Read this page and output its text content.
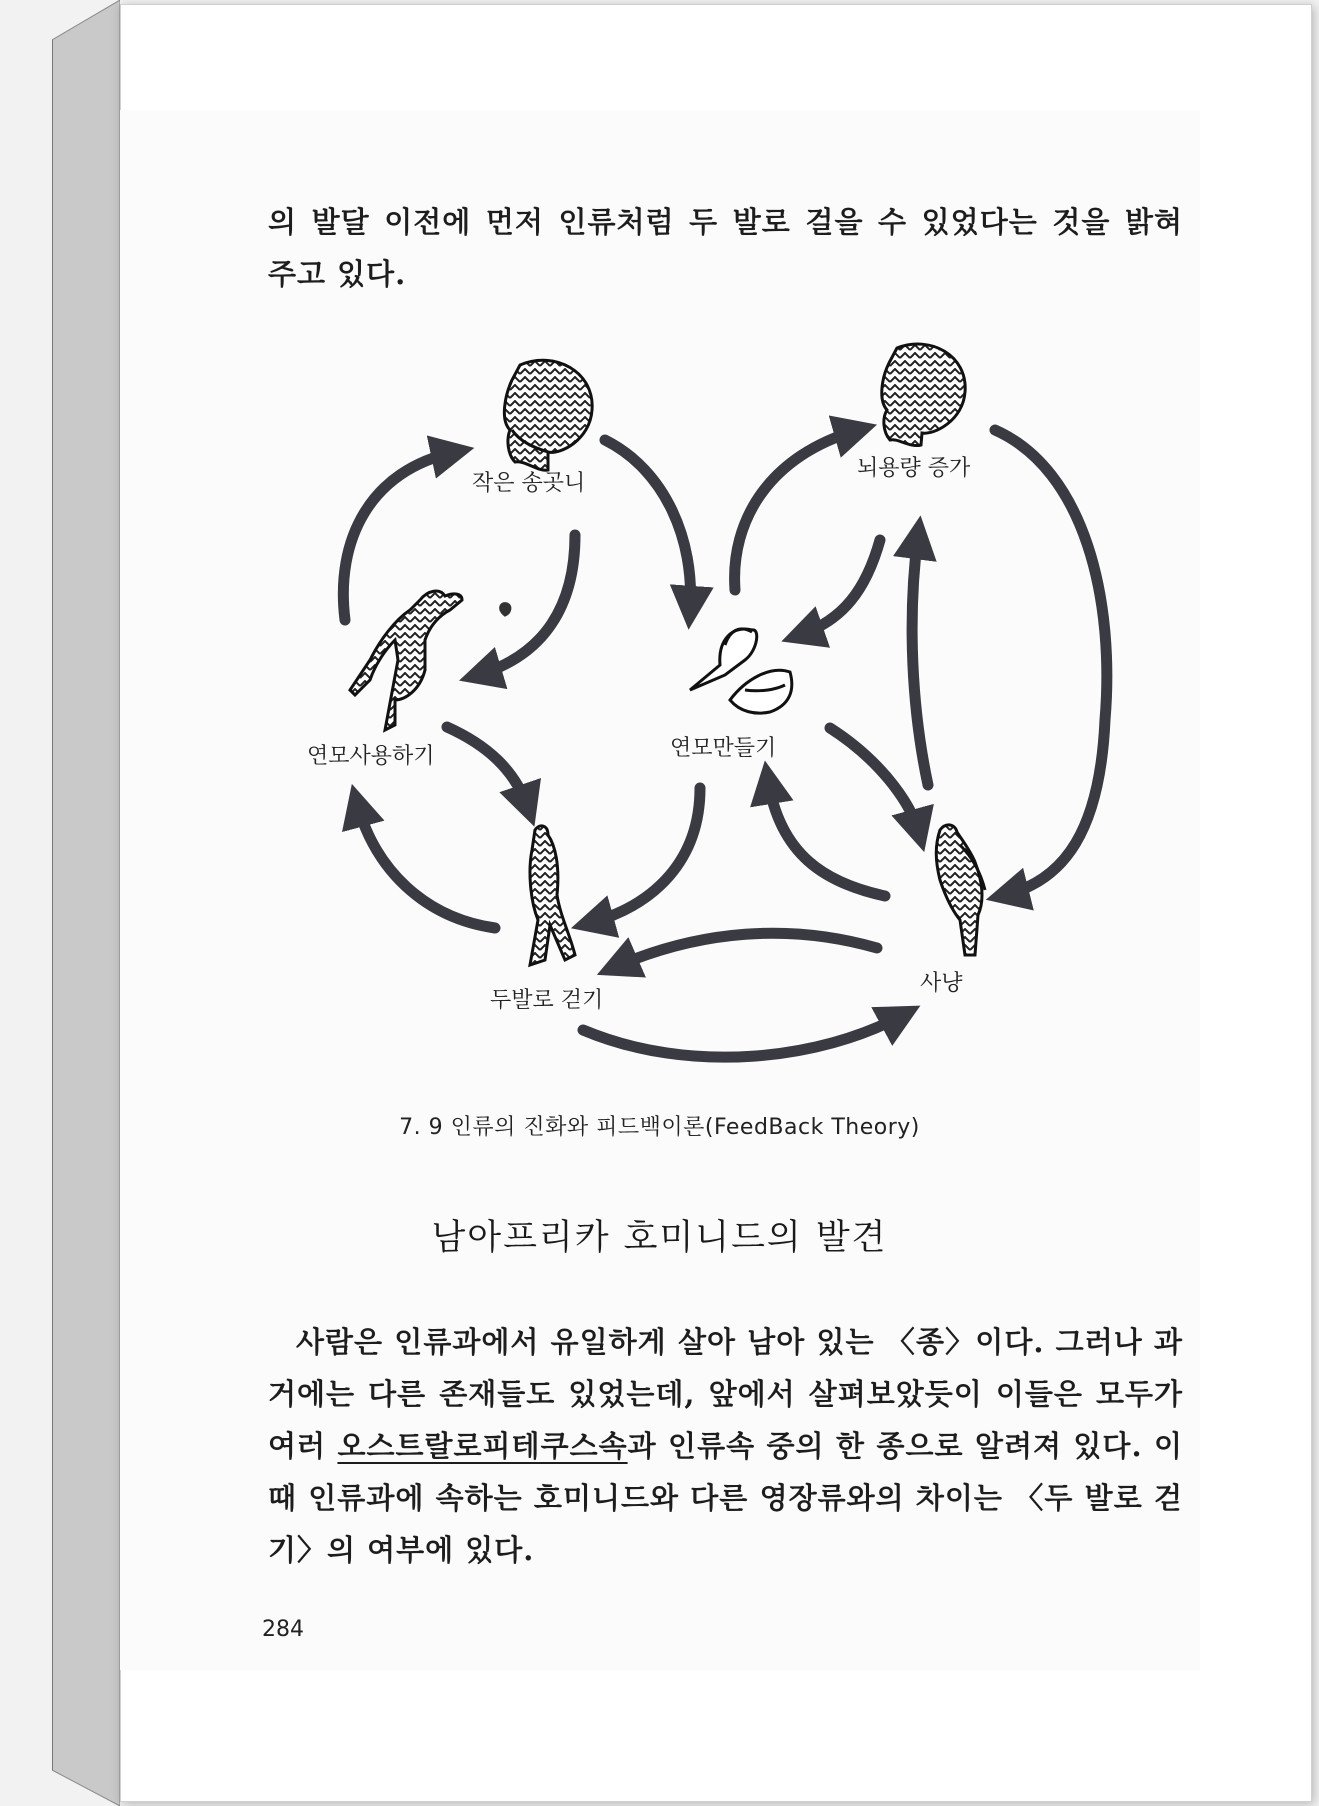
의 발달 이전에 먼저 인류처럼 두 발로 걸을 수 있었다는 것을 밝혀 주고 있다.

작은 송곳니
뇌용량 증가
연모사용하기	연모만들기
두발로 걷기
사냥
7. 9 인류의 진화와 피드백이론(FeedBack Theory)
남아프리카 호미니드의 발견

사람은 인류과에서 유일하게 살아 남아 있는 〈종〉이다. 그러나 과거에는 다른 존재들도 있었는데, 앞에서 살펴보았듯이 이들은 모두가 여러 오스트랄로피테쿠스속과 인류속 중의 한 종으로 알려져 있다. 이때 인류과에 속하는 호미니드와 다른 영장류와의 차이는 〈두 발로 걷기〉의 여부에 있다.

284
